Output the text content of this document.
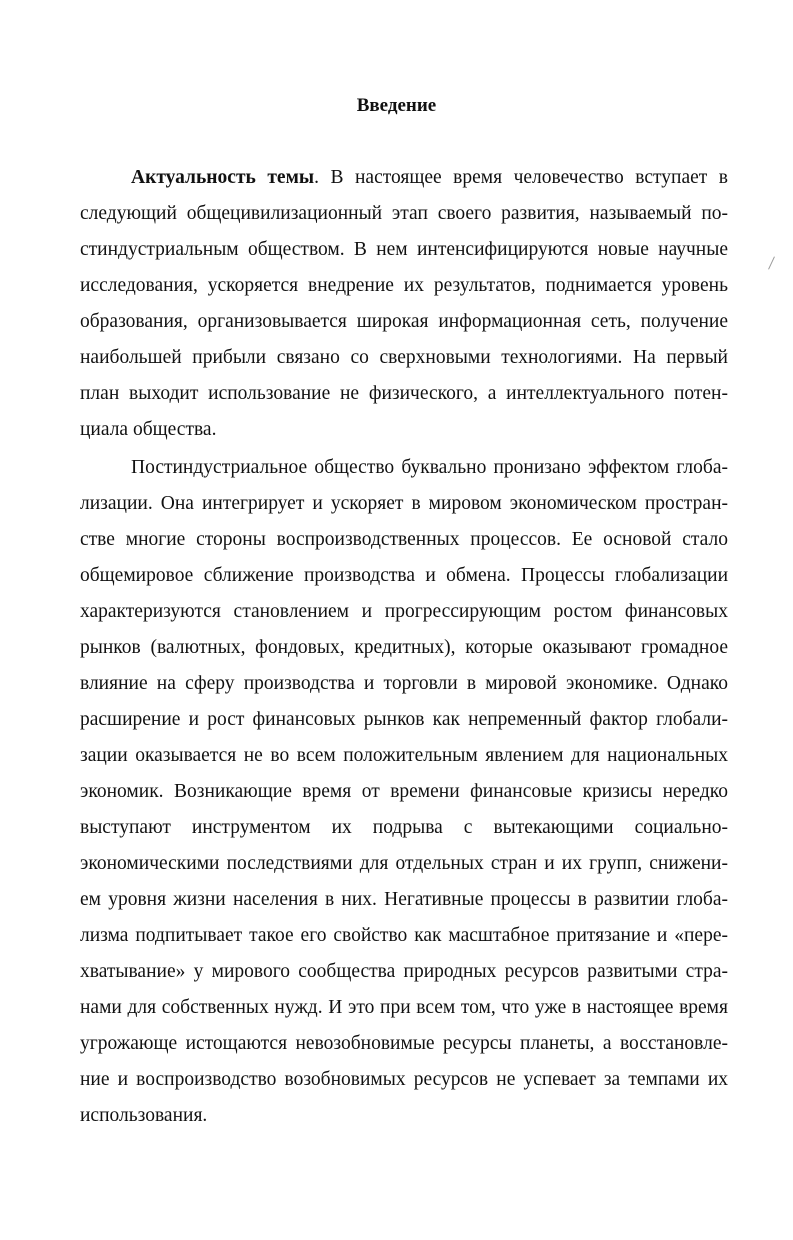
Введение
Актуальность темы. В настоящее время человечество вступает в
следующий общецивилизационный этап своего развития, называемый по-
стиндустриальным обществом. В нем интенсифицируются новые научные
исследования, ускоряется внедрение их результатов, поднимается уровень
образования, организовывается широкая информационная сеть, получение
наибольшей прибыли связано со сверхновыми технологиями. На первый
план выходит использование не физического, а интеллектуального потен-
циала общества.
Постиндустриальное общество буквально пронизано эффектом глоба-
лизации. Она интегрирует и ускоряет в мировом экономическом простран-
стве многие стороны воспроизводственных процессов. Ее основой стало
общемировое сближение производства и обмена. Процессы глобализации
характеризуются становлением и прогрессирующим ростом финансовых
рынков (валютных, фондовых, кредитных), которые оказывают громадное
влияние на сферу производства и торговли в мировой экономике. Однако
расширение и рост финансовых рынков как непременный фактор глобали-
зации оказывается не во всем положительным явлением для национальных
экономик. Возникающие время от времени финансовые кризисы нередко
выступают инструментом их подрыва с вытекающими социально-
экономическими последствиями для отдельных стран и их групп, снижени-
ем уровня жизни населения в них. Негативные процессы в развитии глоба-
лизма подпитывает такое его свойство как масштабное притязание и «пере-
хватывание» у мирового сообщества природных ресурсов развитыми стра-
нами для собственных нужд. И это при всем том, что уже в настоящее время
угрожающе истощаются невозобновимые ресурсы планеты, а восстановле-
ние и воспроизводство возобновимых ресурсов не успевает за темпами их
использования.
